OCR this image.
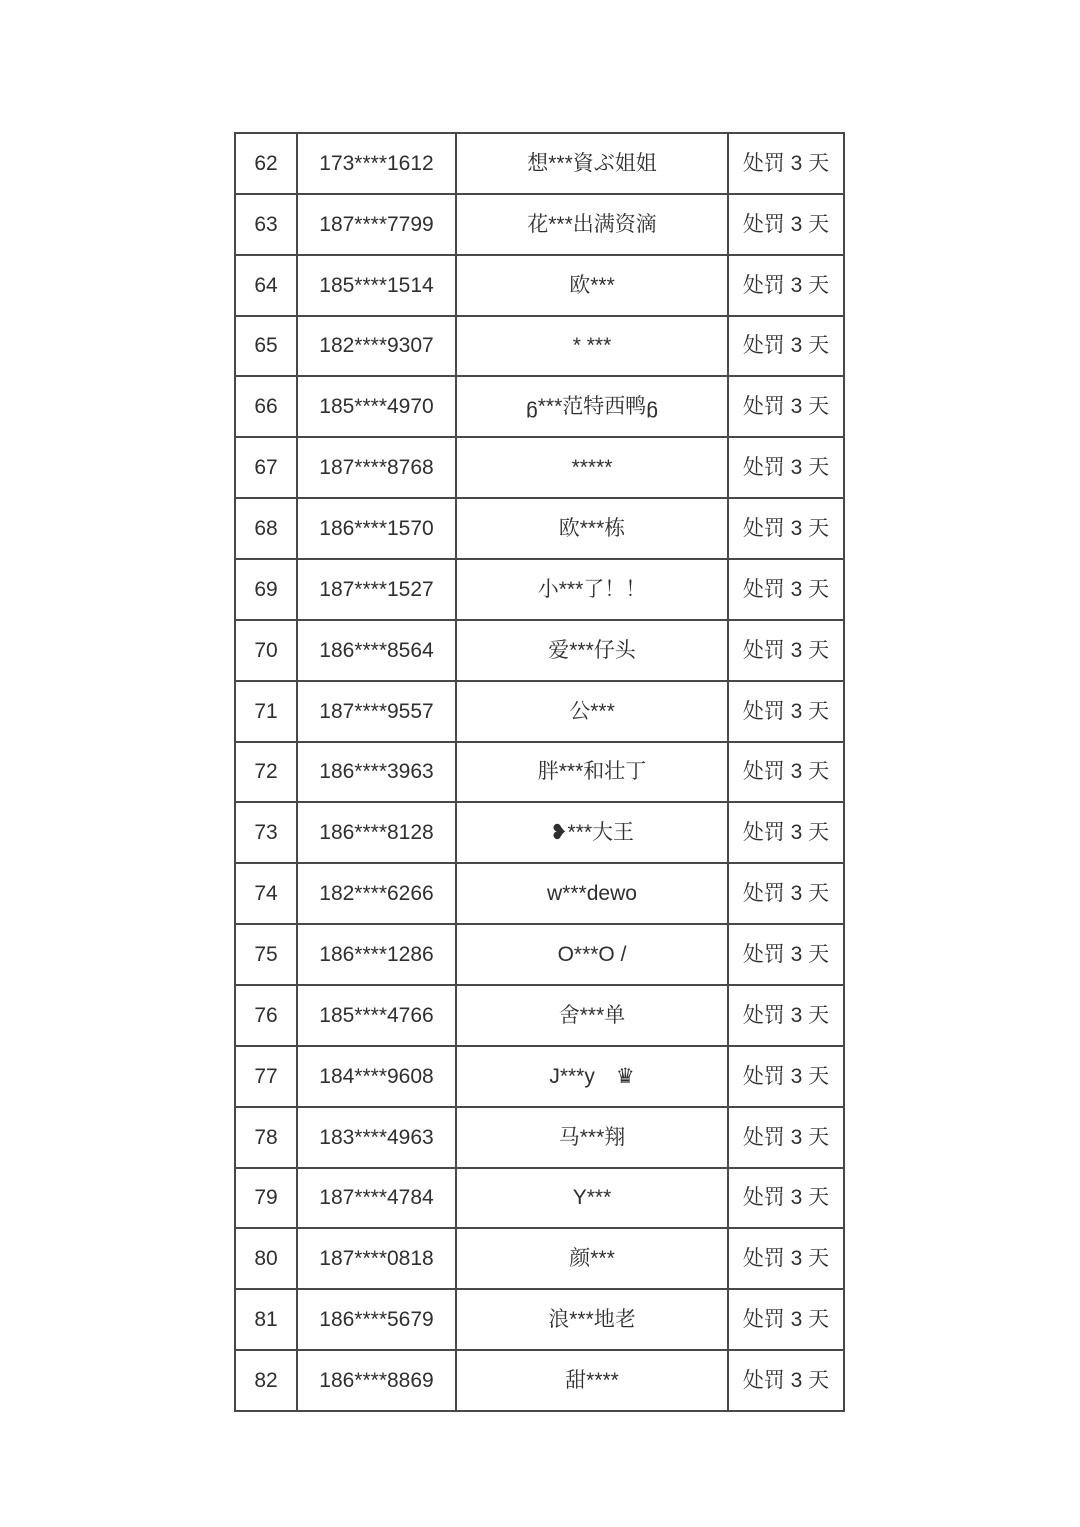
62	173****1612	想***資ぶ姐姐	处罚 3 天
63	187****7799	花***出满资滴	处罚 3 天
64	185****1514	欧***	处罚 3 天
65	182****9307	* ***	处罚 3 天
66	185****4970	ᵷ***范特西鸭ᵷ	处罚 3 天
67	187****8768	*****	处罚 3 天
68	186****1570	欧***栋	处罚 3 天
69	187****1527	小***了！！	处罚 3 天
70	186****8564	爱***仔头	处罚 3 天
71	187****9557	公***	处罚 3 天
72	186****3963	胖***和壮丁	处罚 3 天
73	186****8128	❥***大王	处罚 3 天
74	182****6266	w***dewo	处罚 3 天
75	186****1286	O***O /	处罚 3 天
76	185****4766	舍***单	处罚 3 天
77	184****9608	J***y　♛	处罚 3 天
78	183****4963	马***翔	处罚 3 天
79	187****4784	Y***	处罚 3 天
80	187****0818	颜***	处罚 3 天
81	186****5679	浪***地老	处罚 3 天
82	186****8869	甜****	处罚 3 天
